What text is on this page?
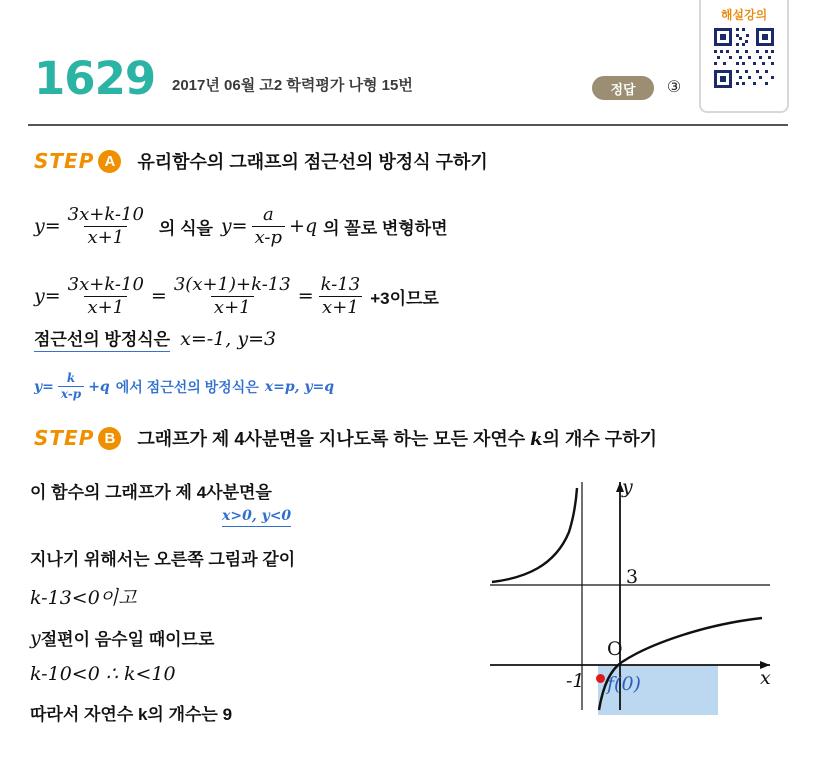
1629 2017년 06월 고2 학력평가 나형 15번	정답	③
해설강의
STEP A	유리함수의 그래프의 점근선의 방정식 구하기
$y= \frac{3x+k-10}{x+1}$ 의 식을 $y= \frac{a}{x-p} +q$ 의 꼴로 변형하면
$y= \frac{3x+k-10}{x+1} = \frac{3(x+1)+k-13}{x+1} = \frac{k-13}{x+1} +3$이므로
점근선의 방정식은 x=-1, y=3
$y= \frac{k}{x-p} +q$ 에서 점근선의 방정식은 x=p, y=q
STEP B	그래프가 제 4사분면을 지나도록 하는 모든 자연수 k의 개수 구하기
이 함수의 그래프가 제 4사분면을
x>0, y<0
지나기 위해서는 오른쪽 그림과 같이
k-13<0이고
y 절편이 음수일 때이므로
k-10<0 ∴ k<10
따라서 자연수 k의 개수는 9
y
x
3
O
-1 f(0)
